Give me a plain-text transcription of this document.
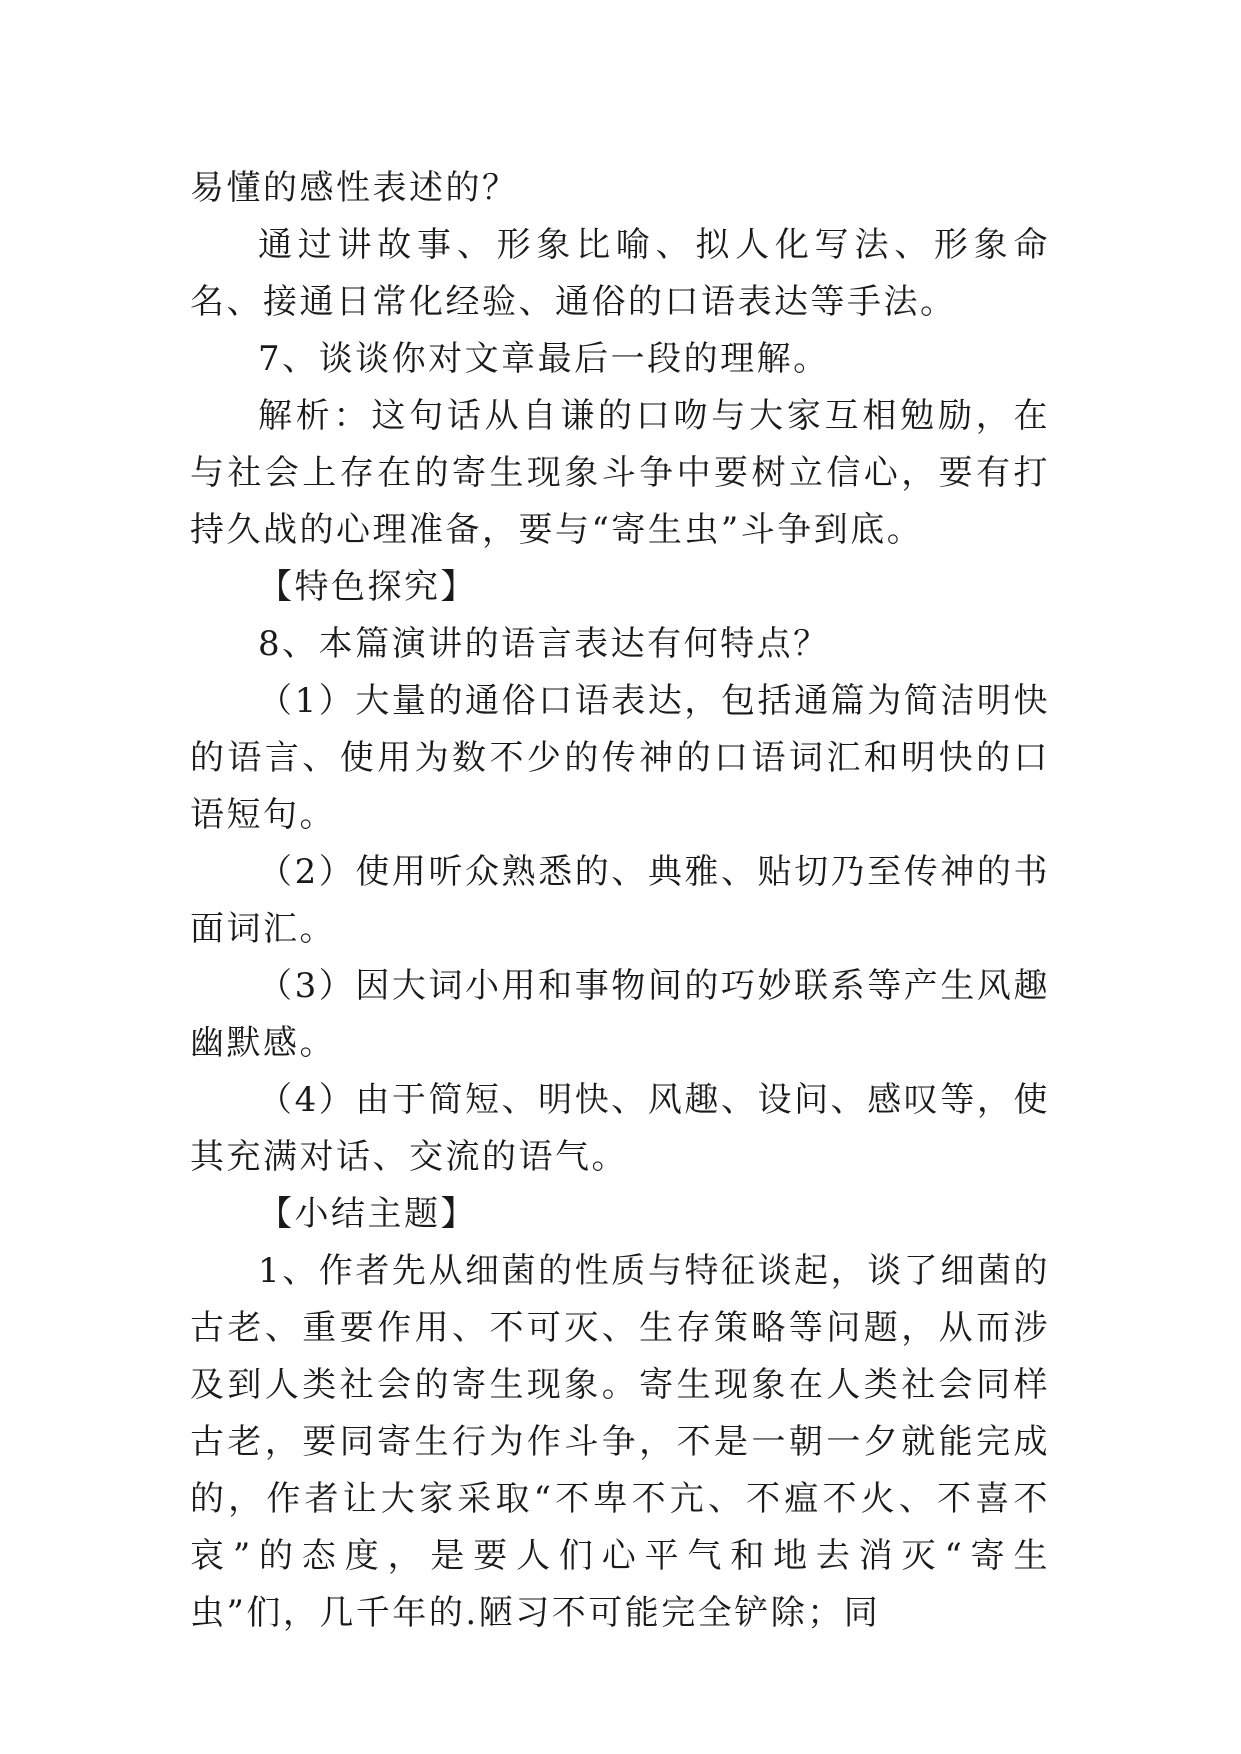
易懂的感性表述的？

通过讲故事、形象比喻、拟人化写法、形象命名、接通日常化经验、通俗的口语表达等手法。

7、谈谈你对文章最后一段的理解。

解析：这句话从自谦的口吻与大家互相勉励，在与社会上存在的寄生现象斗争中要树立信心，要有打持久战的心理准备，要与“寄生虫”斗争到底。

【特色探究】

8、本篇演讲的语言表达有何特点？

（1）大量的通俗口语表达，包括通篇为简洁明快的语言、使用为数不少的传神的口语词汇和明快的口语短句。

（2）使用听众熟悉的、典雅、贴切乃至传神的书面词汇。

（3）因大词小用和事物间的巧妙联系等产生风趣幽默感。

（4）由于简短、明快、风趣、设问、感叹等，使其充满对话、交流的语气。

【小结主题】

1、作者先从细菌的性质与特征谈起，谈了细菌的古老、重要作用、不可灭、生存策略等问题，从而涉及到人类社会的寄生现象。寄生现象在人类社会同样古老，要同寄生行为作斗争，不是一朝一夕就能完成的，作者让大家采取“不卑不亢、不瘟不火、不喜不哀”的态度，是要人们心平气和地去消灭“寄生虫”们，几千年的.陋习不可能完全铲除；同
